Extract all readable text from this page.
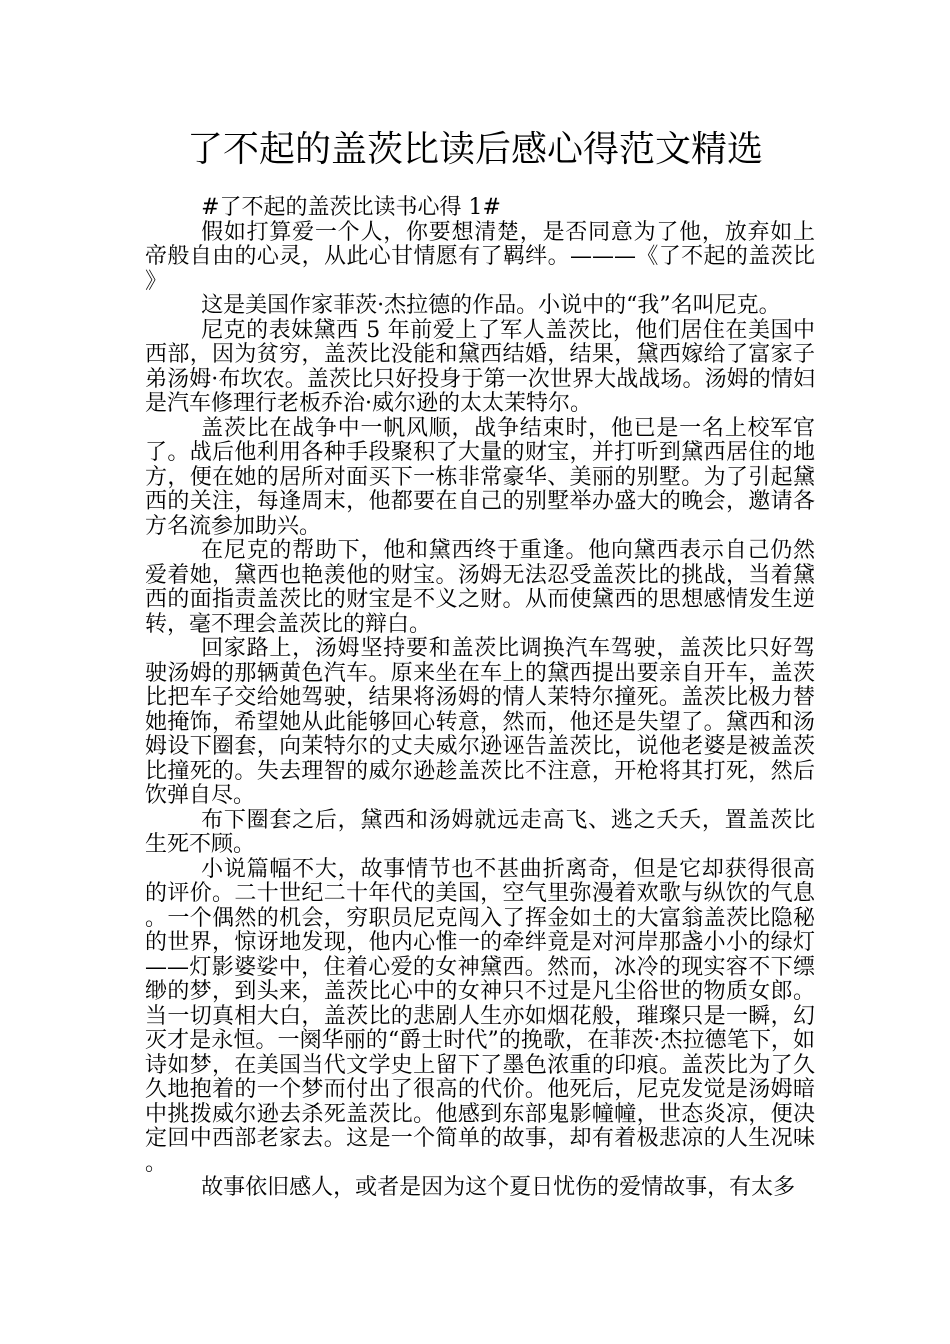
了不起的盖茨比读后感心得范文精选

#了不起的盖茨比读书心得 1#

假如打算爱一个人，你要想清楚，是否同意为了他，放弃如上帝般自由的心灵，从此心甘情愿有了羁绊。———《了不起的盖茨比》

这是美国作家菲茨·杰拉德的作品。小说中的“我”名叫尼克。

尼克的表妹黛西 5 年前爱上了军人盖茨比，他们居住在美国中西部，因为贫穷，盖茨比没能和黛西结婚，结果，黛西嫁给了富家子弟汤姆·布坎农。盖茨比只好投身于第一次世界大战战场。汤姆的情妇是汽车修理行老板乔治·威尔逊的太太茉特尔。

盖茨比在战争中一帆风顺，战争结束时，他已是一名上校军官了。战后他利用各种手段聚积了大量的财宝，并打听到黛西居住的地方，便在她的居所对面买下一栋非常豪华、美丽的别墅。为了引起黛西的关注，每逢周末，他都要在自己的别墅举办盛大的晚会，邀请各方名流参加助兴。

在尼克的帮助下，他和黛西终于重逢。他向黛西表示自己仍然爱着她，黛西也艳羡他的财宝。汤姆无法忍受盖茨比的挑战，当着黛西的面指责盖茨比的财宝是不义之财。从而使黛西的思想感情发生逆转，毫不理会盖茨比的辩白。

回家路上，汤姆坚持要和盖茨比调换汽车驾驶，盖茨比只好驾驶汤姆的那辆黄色汽车。原来坐在车上的黛西提出要亲自开车，盖茨比把车子交给她驾驶，结果将汤姆的情人茉特尔撞死。盖茨比极力替她掩饰，希望她从此能够回心转意，然而，他还是失望了。黛西和汤姆设下圈套，向茉特尔的丈夫威尔逊诬告盖茨比，说他老婆是被盖茨比撞死的。失去理智的威尔逊趁盖茨比不注意，开枪将其打死，然后饮弹自尽。

布下圈套之后，黛西和汤姆就远走高飞、逃之夭夭，置盖茨比生死不顾。

小说篇幅不大，故事情节也不甚曲折离奇，但是它却获得很高的评价。二十世纪二十年代的美国，空气里弥漫着欢歌与纵饮的气息。一个偶然的机会，穷职员尼克闯入了挥金如土的大富翁盖茨比隐秘的世界，惊讶地发现，他内心惟一的牵绊竟是对河岸那盏小小的绿灯——灯影婆娑中，住着心爱的女神黛西。然而，冰冷的现实容不下缥缈的梦，到头来，盖茨比心中的女神只不过是凡尘俗世的物质女郎。当一切真相大白，盖茨比的悲剧人生亦如烟花般，璀璨只是一瞬，幻灭才是永恒。一阕华丽的“爵士时代”的挽歌，在菲茨·杰拉德笔下，如诗如梦，在美国当代文学史上留下了墨色浓重的印痕。盖茨比为了久久地抱着的一个梦而付出了很高的代价。他死后，尼克发觉是汤姆暗中挑拨威尔逊去杀死盖茨比。他感到东部鬼影幢幢，世态炎凉，便决定回中西部老家去。这是一个简单的故事，却有着极悲凉的人生况味。

故事依旧感人，或者是因为这个夏日忧伤的爱情故事，有太多
